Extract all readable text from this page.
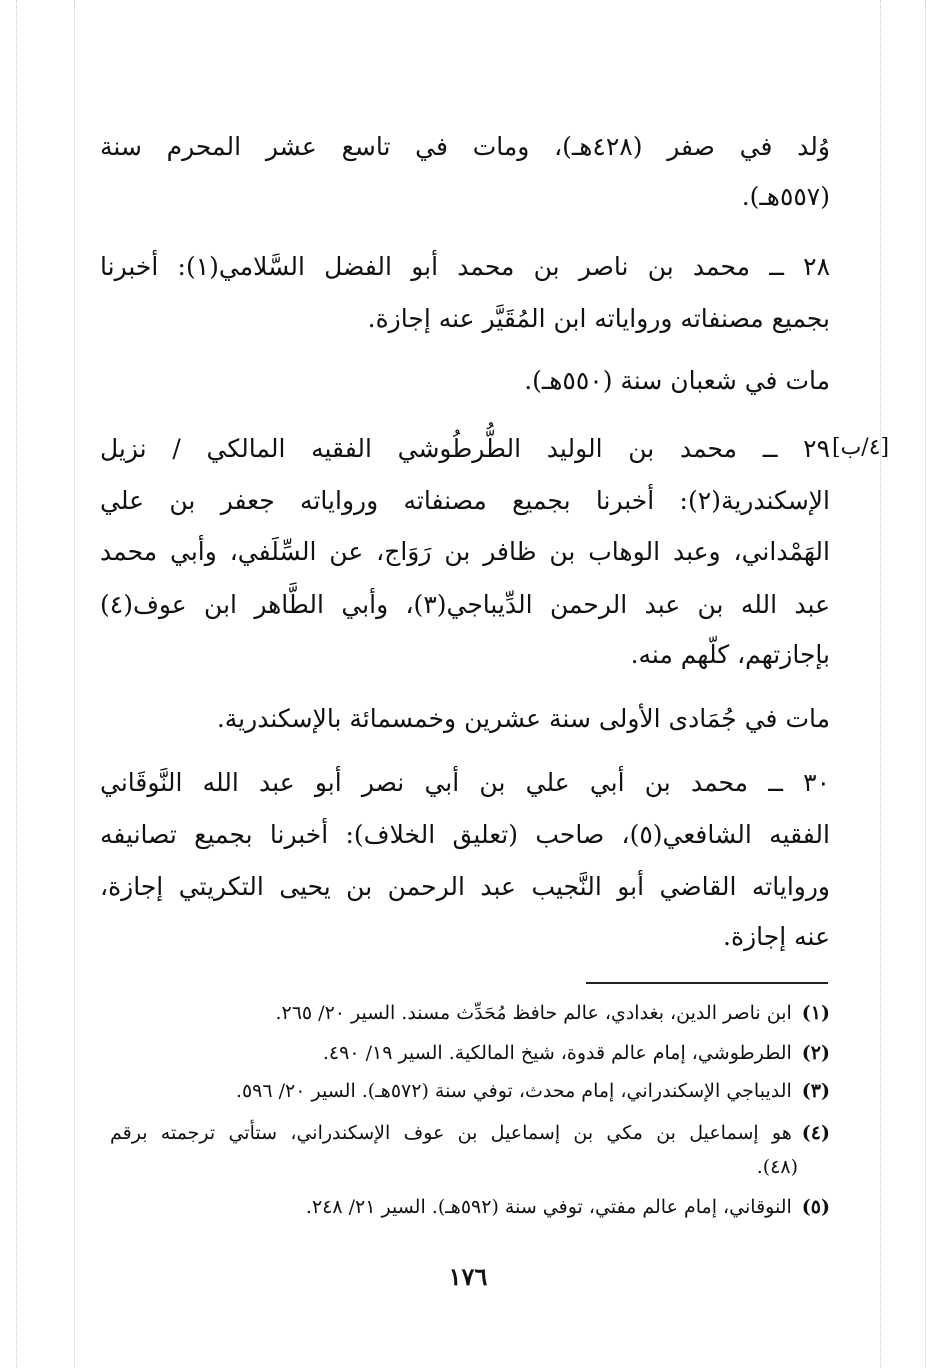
[٤/ب]
وُلد في صفر (٤٢٨هـ)، ومات في تاسع عشر المحرم سنة
(٥٥٧هـ).
٢٨ ــ محمد بن ناصر بن محمد أبو الفضل السَّلامي(١): أخبرنا
بجميع مصنفاته ورواياته ابن المُقَيَّر عنه إجازة.
مات في شعبان سنة (٥٥٠هـ).
٢٩ ــ محمد بن الوليد الطُّرطُوشي الفقيه المالكي / نزيل
الإسكندرية(٢): أخبرنا بجميع مصنفاته ورواياته جعفر بن علي
الهَمْداني، وعبد الوهاب بن ظافر بن رَوَاج، عن السِّلَفي، وأبي محمد
عبد الله بن عبد الرحمن الدِّيباجي(٣)، وأبي الطَّاهر ابن عوف(٤)
بإجازتهم، كلّهم منه.
مات في جُمَادى الأولى سنة عشرين وخمسمائة بالإسكندرية.
٣٠ ــ محمد بن أبي علي بن أبي نصر أبو عبد الله النَّوقَاني
الفقيه الشافعي(٥)، صاحب (تعليق الخلاف): أخبرنا بجميع تصانيفه
ورواياته القاضي أبو النَّجيب عبد الرحمن بن يحيى التكريتي إجازة،
عنه إجازة.
(١)ابن ناصر الدين، بغدادي، عالم حافظ مُحَدِّث مسند. السير ٢٠/ ٢٦٥.
(٢)الطرطوشي، إمام عالم قدوة، شيخ المالكية. السير ١٩/ ٤٩٠.
(٣)الديباجي الإسكندراني، إمام محدث، توفي سنة (٥٧٢هـ). السير ٢٠/ ٥٩٦.
(٤)هو إسماعيل بن مكي بن إسماعيل بن عوف الإسكندراني، ستأتي ترجمته برقم
(٤٨).
(٥)النوقاني، إمام عالم مفتي، توفي سنة (٥٩٢هـ). السير ٢١/ ٢٤٨.
١٧٦
